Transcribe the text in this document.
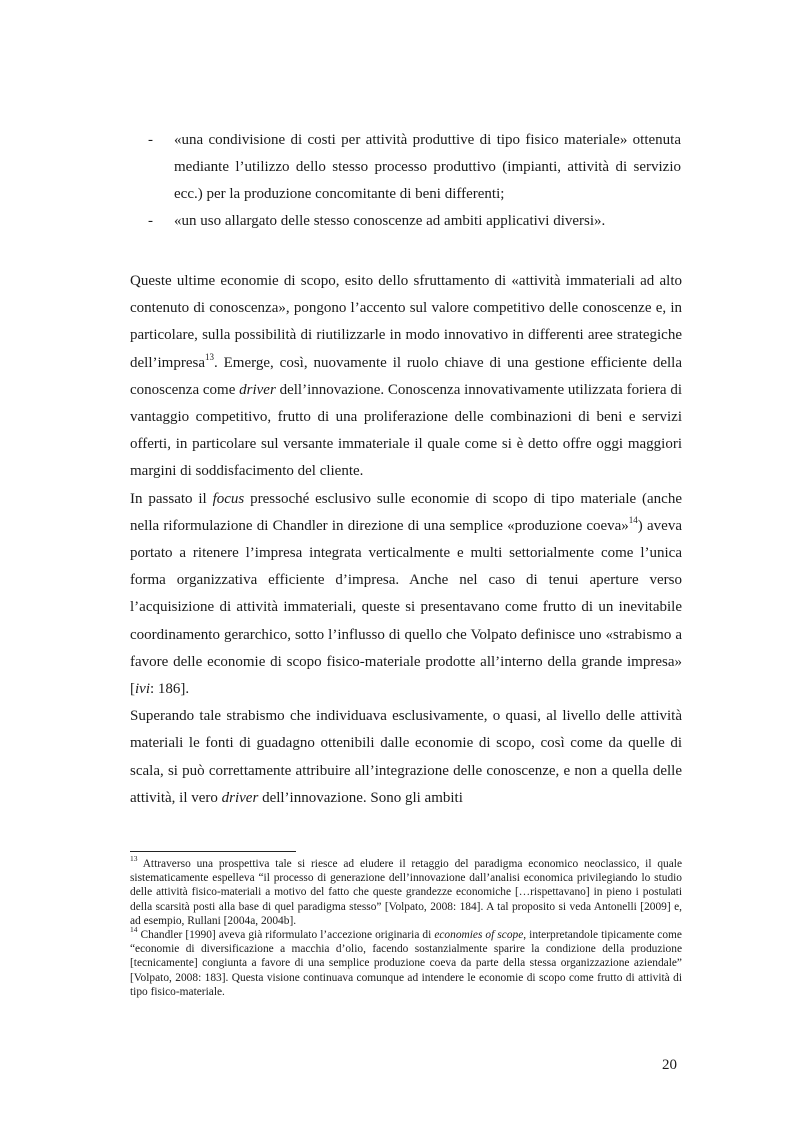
- «una condivisione di costi per attività produttive di tipo fisico materiale» ottenuta mediante l’utilizzo dello stesso processo produttivo (impianti, attività di servizio ecc.) per la produzione concomitante di beni differenti;
- «un uso allargato delle stesso conoscenze ad ambiti applicativi diversi».

Queste ultime economie di scopo, esito dello sfruttamento di «attività immateriali ad alto contenuto di conoscenza», pongono l’accento sul valore competitivo delle conoscenze e, in particolare, sulla possibilità di riutilizzarle in modo innovativo in differenti aree strategiche dell’impresa$^{13}$. Emerge, così, nuovamente il ruolo chiave di una gestione efficiente della conoscenza come driver dell’innovazione. Conoscenza innovativamente utilizzata foriera di vantaggio competitivo, frutto di una proliferazione delle combinazioni di beni e servizi offerti, in particolare sul versante immateriale il quale come si è detto offre oggi maggiori margini di soddisfacimento del cliente.

In passato il focus pressoché esclusivo sulle economie di scopo di tipo materiale (anche nella riformulazione di Chandler in direzione di una semplice «produzione coeva»$^{14}$) aveva portato a ritenere l’impresa integrata verticalmente e multi settorialmente come l’unica forma organizzativa efficiente d’impresa. Anche nel caso di tenui aperture verso l’acquisizione di attività immateriali, queste si presentavano come frutto di un inevitabile coordinamento gerarchico, sotto l’influsso di quello che Volpato definisce uno «strabismo a favore delle economie di scopo fisico-materiale prodotte all’interno della grande impresa» [ivi: 186].

Superando tale strabismo che individuava esclusivamente, o quasi, al livello delle attività materiali le fonti di guadagno ottenibili dalle economie di scopo, così come da quelle di scala, si può correttamente attribuire all’integrazione delle conoscenze, e non a quella delle attività, il vero driver dell’innovazione. Sono gli ambiti

$^{13}$ Attraverso una prospettiva tale si riesce ad eludere il retaggio del paradigma economico neoclassico, il quale sistematicamente espelleva “il processo di generazione dell’innovazione dall’analisi economica privilegiando lo studio delle attività fisico-materiali a motivo del fatto che queste grandezze economiche […rispettavano] in pieno i postulati della scarsità posti alla base di quel paradigma stesso” [Volpato, 2008: 184]. A tal proposito si veda Antonelli [2009] e, ad esempio, Rullani [2004a, 2004b].

$^{14}$ Chandler [1990] aveva già riformulato l’accezione originaria di economies of scope, interpretandole tipicamente come “economie di diversificazione a macchia d’olio, facendo sostanzialmente sparire la condizione della produzione [tecnicamente] congiunta a favore di una semplice produzione coeva da parte della stessa organizzazione aziendale” [Volpato, 2008: 183]. Questa visione continuava comunque ad intendere le economie di scopo come frutto di attività di tipo fisico-materiale.

20
